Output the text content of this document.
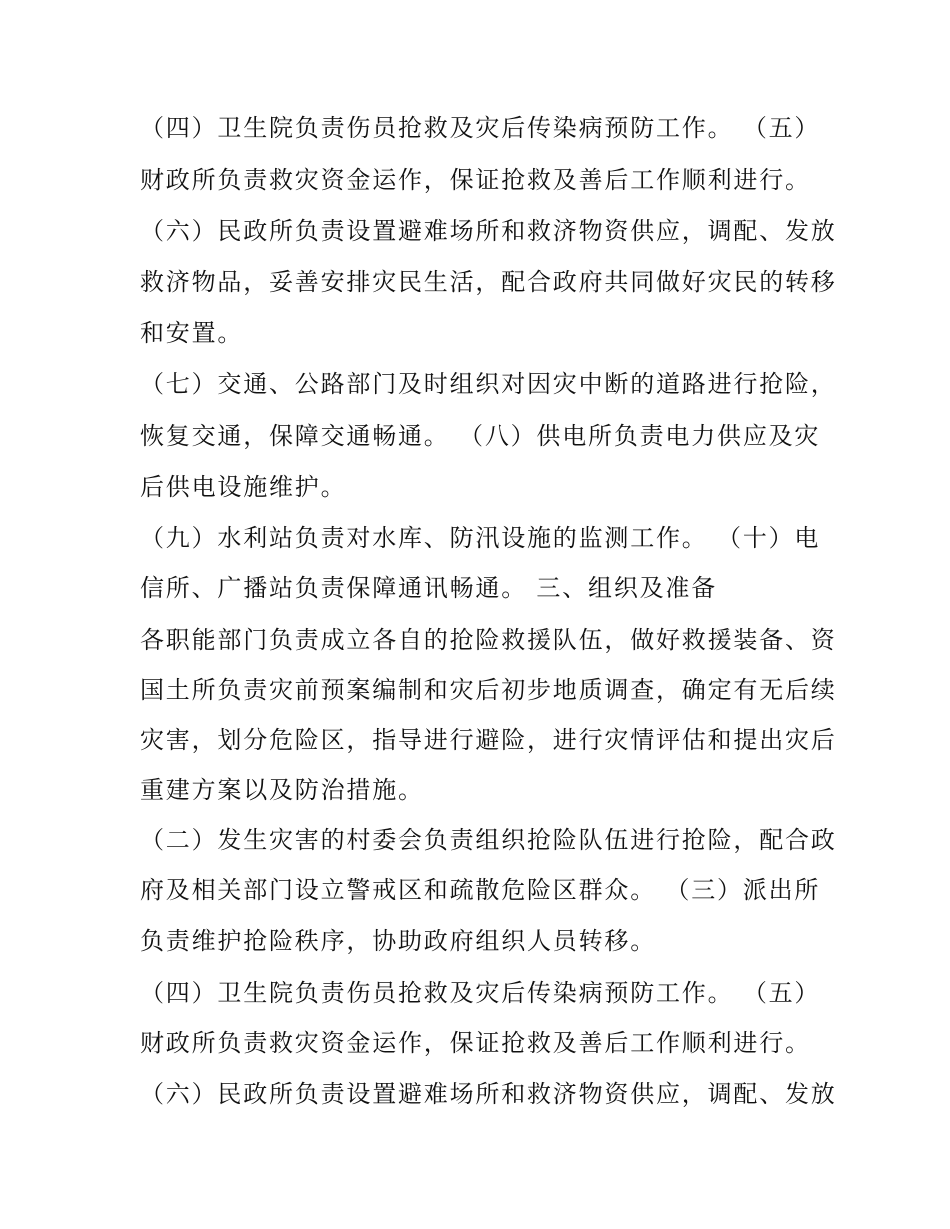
（四）卫生院负责伤员抢救及灾后传染病预防工作。 （五）
财政所负责救灾资金运作，保证抢救及善后工作顺利进行。
（六）民政所负责设置避难场所和救济物资供应，调配、发放
救济物品，妥善安排灾民生活，配合政府共同做好灾民的转移
和安置。
（七）交通、公路部门及时组织对因灾中断的道路进行抢险，
恢复交通，保障交通畅通。 （八）供电所负责电力供应及灾
后供电设施维护。
（九）水利站负责对水库、防汛设施的监测工作。 （十）电
信所、广播站负责保障通讯畅通。 三、组织及准备
各职能部门负责成立各自的抢险救援队伍，做好救援装备、资
国土所负责灾前预案编制和灾后初步地质调查，确定有无后续
灾害，划分危险区，指导进行避险，进行灾情评估和提出灾后
重建方案以及防治措施。
（二）发生灾害的村委会负责组织抢险队伍进行抢险，配合政
府及相关部门设立警戒区和疏散危险区群众。 （三）派出所
负责维护抢险秩序，协助政府组织人员转移。
（四）卫生院负责伤员抢救及灾后传染病预防工作。 （五）
财政所负责救灾资金运作，保证抢救及善后工作顺利进行。
（六）民政所负责设置避难场所和救济物资供应，调配、发放
